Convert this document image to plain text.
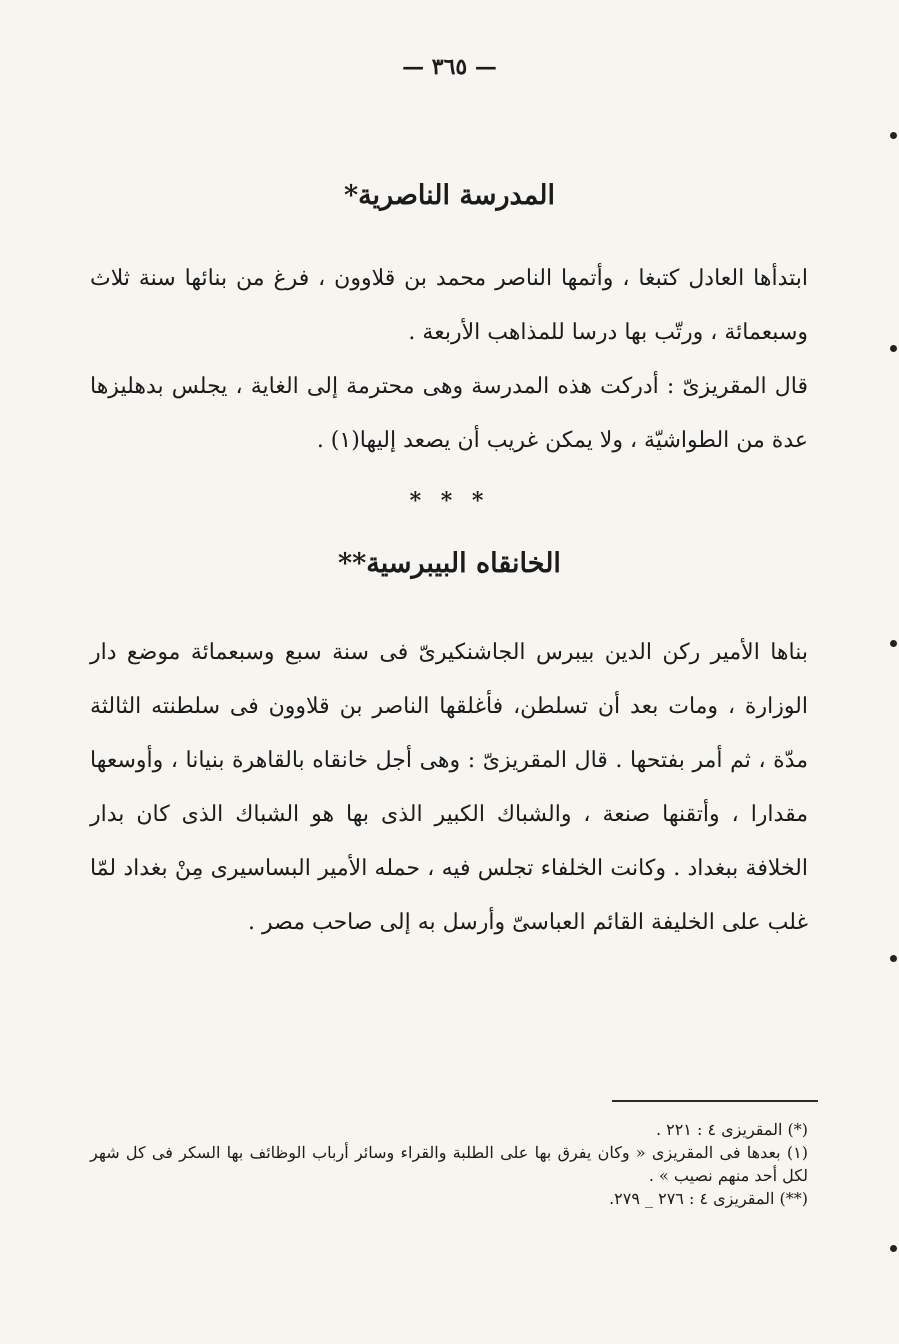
— ٣٦٥ —
المدرسة الناصرية*

ابتدأها العادل كتبغا ، وأتمها الناصر محمد بن قلاوون ، فرغ من بنائها سنة ثلاث وسبعمائة ، ورتّب بها درسا للمذاهب الأربعة .

قال المقريزىّ : أدركت هذه المدرسة وهى محترمة إلى الغاية ، يجلس بدهليزها عدة من الطواشيّة ، ولا يمكن غريب أن يصعد إليها(١) .

* * *
الخانقاه البيبرسية**

بناها الأمير ركن الدين بيبرس الجاشنكيرىّ فى سنة سبع وسبعمائة موضع دار الوزارة ، ومات بعد أن تسلطن، فأغلقها الناصر بن قلاوون فى سلطنته الثالثة مدّة ، ثم أمر بفتحها . قال المقريزىّ : وهى أجل خانقاه بالقاهرة بنيانا ، وأوسعها مقدارا ، وأتقنها صنعة ، والشباك الكبير الذى بها هو الشباك الذى كان بدار الخلافة ببغداد . وكانت الخلفاء تجلس فيه ، حمله الأمير البساسيرى مِنْ بغداد لمّا غلب على الخليفة القائم العباسىّ وأرسل به إلى صاحب مصر .

(*) المقريزى ٤ : ٢٢١ .

(١) بعدها فى المقريزى « وكان يفرق بها على الطلبة والقراء وسائر أرباب الوظائف بها السكر فى كل شهر لكل أحد منهم نصيب » .

(**) المقريزى ٤ : ٢٧٦ _ ٢٧٩.
